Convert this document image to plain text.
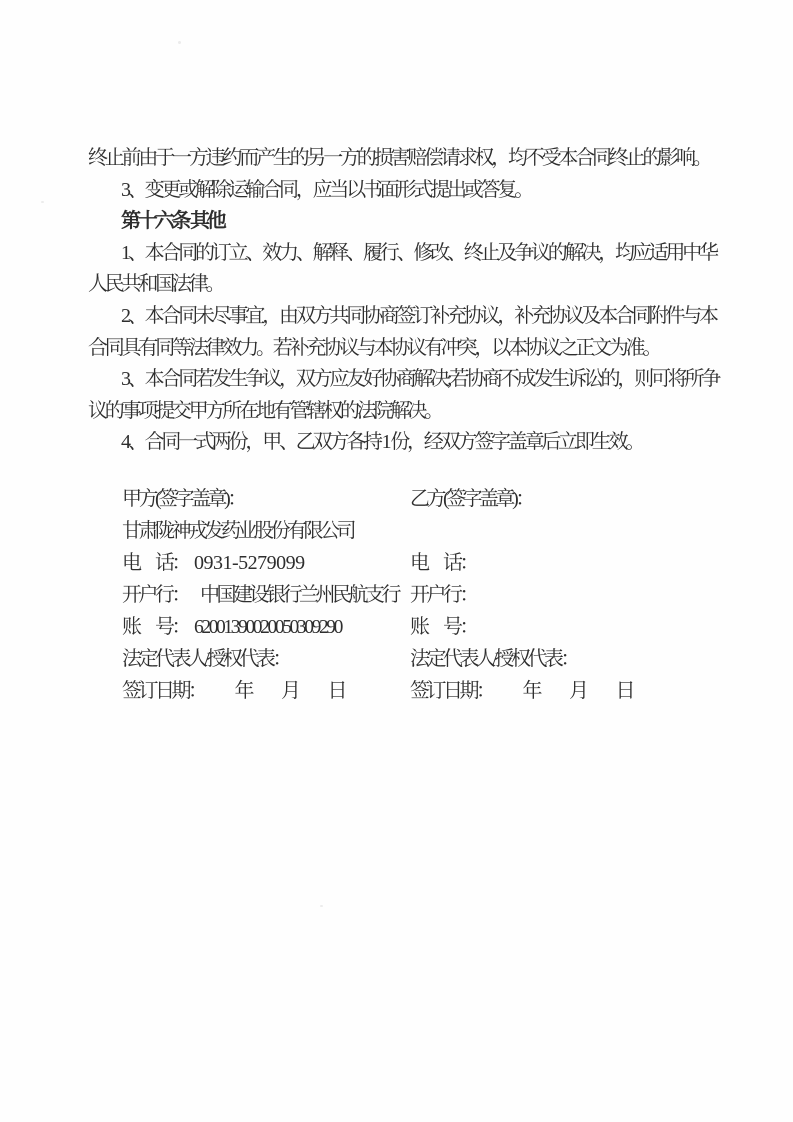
终止前由于一方违约而产生的另一方的损害赔偿请求权，均不受本合同终止的影响。
3、变更或解除运输合同，应当以书面形式提出或答复。
第十六条 其他
1、本合同的订立、效力、解释、履行、修改、终止及争议的解决，均应适用中华
人民共和国法律。
2、本合同未尽事宜，由双方共同协商签订补充协议，补充协议及本合同附件与本
合同具有同等法律效力。若补充协议与本协议有冲突，以本协议之正文为准。
3、本合同若发生争议，双方应友好协商解决;若协商不成发生诉讼的，则可将所争
议的事项提交甲方所在地有管辖权的法院解决。
4、合同一式两份，甲、乙双方各持 1 份，经双方签字盖章后立即生效。
甲方(签字盖章)：
甘肃陇神戎发药业股份有限公司
电　话： 0931-5279099
开户行： 中国建设银行兰州民航支行
账　号： 62001390020050309290
法定代表人/授权代表：
签订日期： 年 月 日
乙方(签字盖章)：
电　话：
开户行：
账　号：
法定代表人/授权代表：
签订日期： 年 月 日
